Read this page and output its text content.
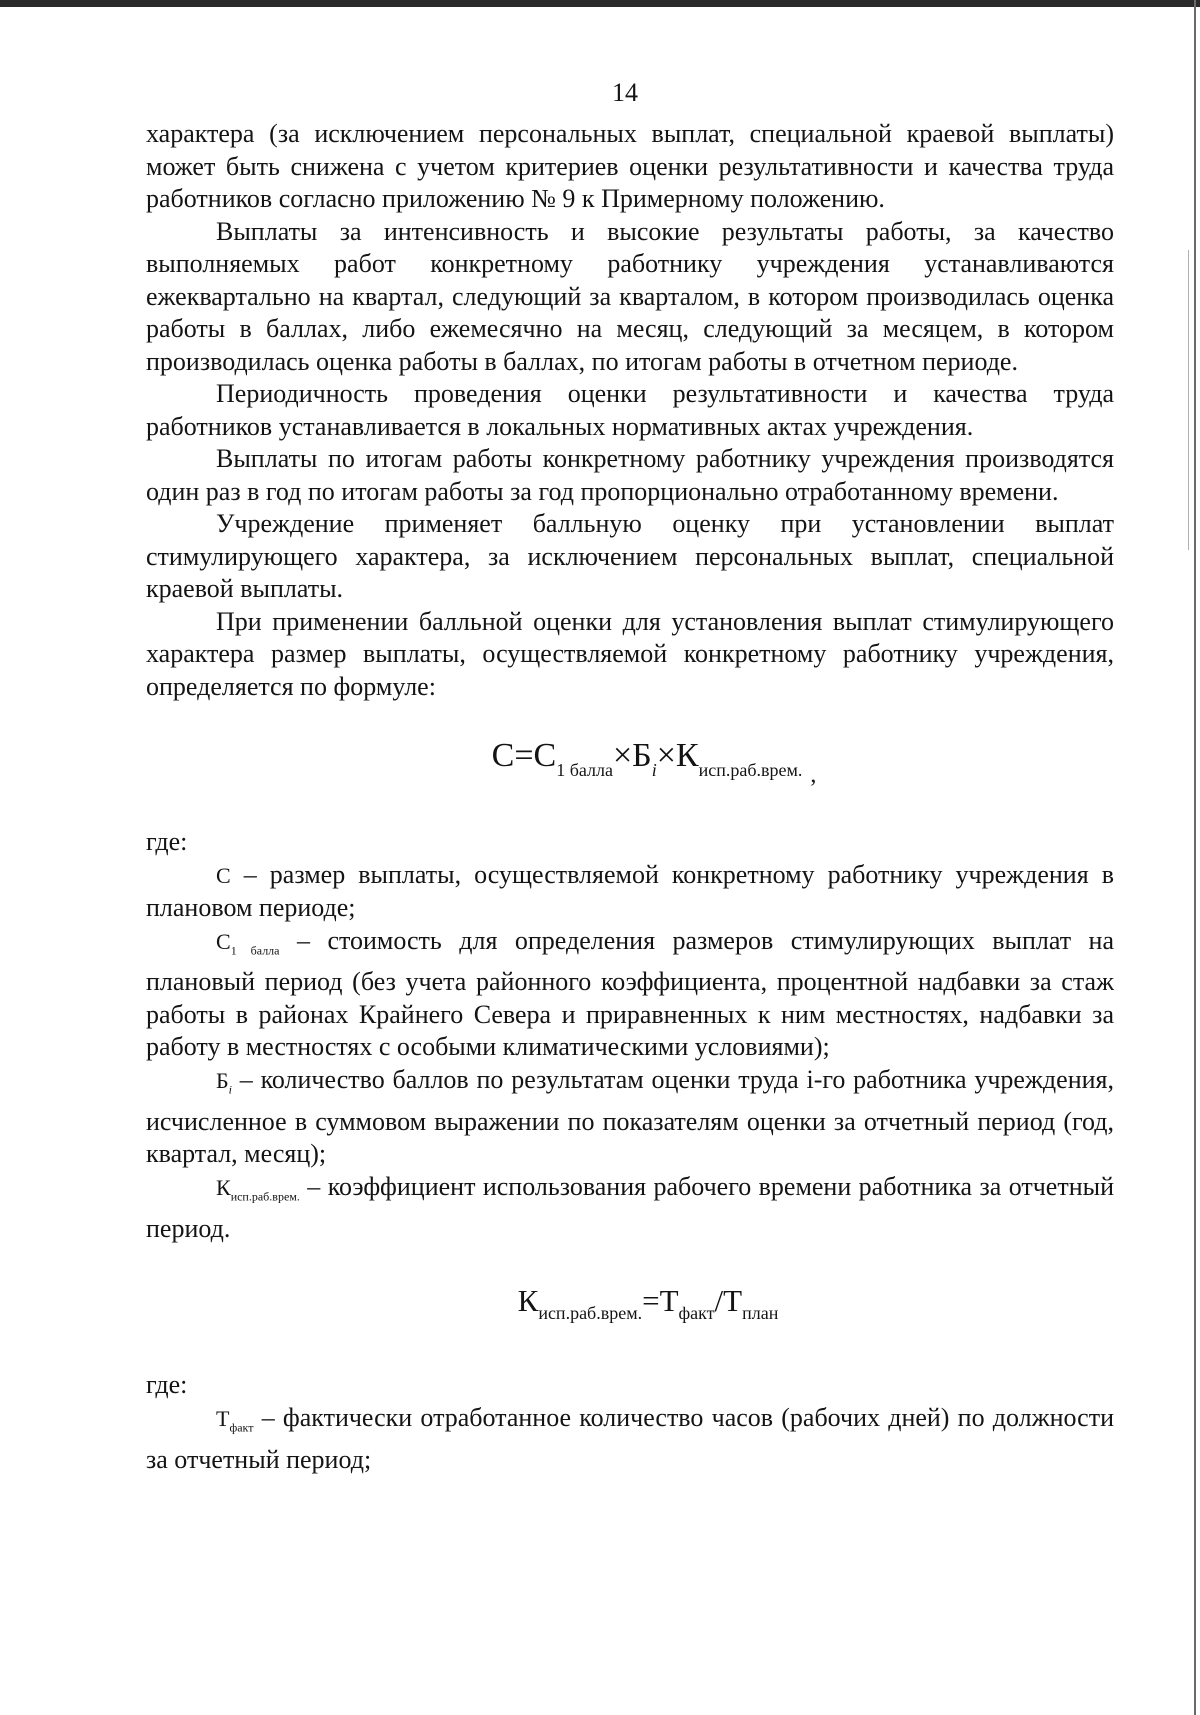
14

характера (за исключением персональных выплат, специальной краевой выплаты) может быть снижена с учетом критериев оценки результативности и качества труда работников согласно приложению № 9 к Примерному положению.

Выплаты за интенсивность и высокие результаты работы, за качество выполняемых работ конкретному работнику учреждения устанавливаются ежеквартально на квартал, следующий за кварталом, в котором производилась оценка работы в баллах, либо ежемесячно на месяц, следующий за месяцем, в котором производилась оценка работы в баллах, по итогам работы в отчетном периоде.

Периодичность проведения оценки результативности и качества труда работников устанавливается в локальных нормативных актах учреждения.

Выплаты по итогам работы конкретному работнику учреждения производятся один раз в год по итогам работы за год пропорционально отработанному времени.

Учреждение применяет балльную оценку при установлении выплат стимулирующего характера, за исключением персональных выплат, специальной краевой выплаты.

При применении балльной оценки для установления выплат стимулирующего характера размер выплаты, осуществляемой конкретному работнику учреждения, определяется по формуле:

$С=С_{1 балла}\times Б_i\times К_{исп.раб.врем.}$ $_,$

где:

С – размер выплаты, осуществляемой конкретному работнику учреждения в плановом периоде;

$С_{1 балла}$ – стоимость для определения размеров стимулирующих выплат на плановый период (без учета районного коэффициента, процентной надбавки за стаж работы в районах Крайнего Севера и приравненных к ним местностях, надбавки за работу в местностях с особыми климатическими условиями);

$Б_i$ – количество баллов по результатам оценки труда i-го работника учреждения, исчисленное в суммовом выражении по показателям оценки за отчетный период (год, квартал, месяц);

$К_{исп.раб.врем.}$ – коэффициент использования рабочего времени работника за отчетный период.

$К_{исп.раб.врем.}=Т_{факт}/Т_{план}$

где:

$Т_{факт}$ – фактически отработанное количество часов (рабочих дней) по должности за отчетный период;
